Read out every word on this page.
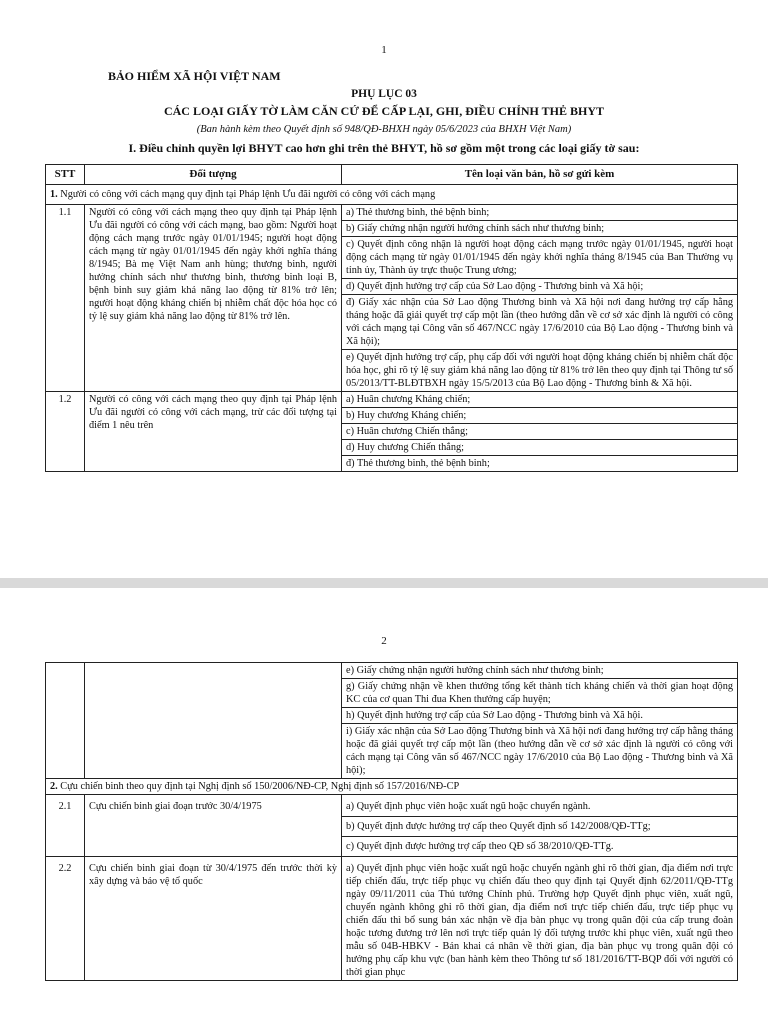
1
BẢO HIỂM XÃ HỘI VIỆT NAM
PHỤ LỤC 03
CÁC LOẠI GIẤY TỜ LÀM CĂN CỨ ĐỂ CẤP LẠI, GHI, ĐIỀU CHỈNH THẺ BHYT
(Ban hành kèm theo Quyết định số 948/QĐ-BHXH ngày 05/6/2023 của BHXH Việt Nam)
I. Điều chỉnh quyền lợi BHYT cao hơn ghi trên thẻ BHYT, hồ sơ gồm một trong các loại giấy tờ sau:
STT	Đối tượng	Tên loại văn bản, hồ sơ gửi kèm
1. Người có công với cách mạng quy định tại Pháp lệnh Ưu đãi người có công với cách mạng
1.1	Người có công với cách mạng theo quy định tại Pháp lệnh Ưu đãi người có công với cách mạng, bao gồm: Người hoạt động cách mạng trước ngày 01/01/1945; người hoạt động cách mạng từ ngày 01/01/1945 đến ngày khởi nghĩa tháng 8/1945; Bà mẹ Việt Nam anh hùng; thương binh, người hưởng chính sách như thương binh, thương binh loại B, bệnh binh suy giảm khả năng lao động từ 81% trở lên; người hoạt động kháng chiến bị nhiễm chất độc hóa học có tỷ lệ suy giảm khả năng lao động từ 81% trở lên.	
a) Thẻ thương binh, thẻ bệnh binh;
b) Giấy chứng nhận người hưởng chính sách như thương binh;
c) Quyết định công nhận là người hoạt động cách mạng trước ngày 01/01/1945, người hoạt động cách mạng từ ngày 01/01/1945 đến ngày khởi nghĩa tháng 8/1945 của Ban Thường vụ tỉnh ủy, Thành ủy trực thuộc Trung ương;
d) Quyết định hưởng trợ cấp của Sở Lao động - Thương binh và Xã hội;
đ) Giấy xác nhận của Sở Lao động Thương binh và Xã hội nơi đang hưởng trợ cấp hằng tháng hoặc đã giải quyết trợ cấp một lần (theo hướng dẫn về cơ sở xác định là người có công với cách mạng tại Công văn số 467/NCC ngày 17/6/2010 của Bộ Lao động - Thương binh và Xã hội);
e) Quyết định hưởng trợ cấp, phụ cấp đối với người hoạt động kháng chiến bị nhiễm chất độc hóa học, ghi rõ tỷ lệ suy giảm khả năng lao động từ 81% trở lên theo quy định tại Thông tư số 05/2013/TT-BLĐTBXH ngày 15/5/2013 của Bộ Lao động - Thương binh & Xã hội.

1.2	Người có công với cách mạng theo quy định tại Pháp lệnh Ưu đãi người có công với cách mạng, trừ các đối tượng tại điểm 1 nêu trên	
a) Huân chương Kháng chiến;
b) Huy chương Kháng chiến;
c) Huân chương Chiến thắng;
d) Huy chương Chiến thắng;
đ) Thẻ thương binh, thẻ bệnh binh;
2

e) Giấy chứng nhận người hưởng chính sách như thương binh;
g) Giấy chứng nhận về khen thưởng tổng kết thành tích kháng chiến và thời gian hoạt động KC của cơ quan Thi đua Khen thưởng cấp huyện;
h) Quyết định hưởng trợ cấp của Sở Lao động - Thương binh và Xã hội.
i) Giấy xác nhận của Sở Lao động Thương binh và Xã hội nơi đang hưởng trợ cấp hằng tháng hoặc đã giải quyết trợ cấp một lần (theo hướng dẫn về cơ sở xác định là người có công với cách mạng tại Công văn số 467/NCC ngày 17/6/2010 của Bộ Lao động - Thương binh và Xã hội);

2. Cựu chiến binh theo quy định tại Nghị định số 150/2006/NĐ-CP, Nghị định số 157/2016/NĐ-CP
2.1	Cựu chiến binh giai đoạn trước 30/4/1975		a) Quyết định phục viên hoặc xuất ngũ hoặc chuyển ngành.
b) Quyết định được hưởng trợ cấp theo Quyết định số 142/2008/QĐ-TTg;
c) Quyết định được hưởng trợ cấp theo QĐ số 38/2010/QĐ-TTg.

2.2	Cựu chiến binh giai đoạn từ 30/4/1975 đến trước thời kỳ xây dựng và bảo vệ tổ quốc	a) Quyết định phục viên hoặc xuất ngũ hoặc chuyển ngành ghi rõ thời gian, địa điểm nơi trực tiếp chiến đấu, trực tiếp phục vụ chiến đấu theo quy định tại Quyết định 62/2011/QĐ-TTg ngày 09/11/2011 của Thủ tướng Chính phủ. Trường hợp Quyết định phục viên, xuất ngũ, chuyển ngành không ghi rõ thời gian, địa điểm nơi trực tiếp chiến đấu, trực tiếp phục vụ chiến đấu thì bổ sung bản xác nhận về địa bàn phục vụ trong quân đội của cấp trung đoàn hoặc tương đương trở lên nơi trực tiếp quản lý đối tượng trước khi phục viên, xuất ngũ theo mẫu số 04B-HBKV - Bản khai cá nhân về thời gian, địa bàn phục vụ trong quân đội có hưởng phụ cấp khu vực (ban hành kèm theo Thông tư số 181/2016/TT-BQP đối với người có thời gian phục
